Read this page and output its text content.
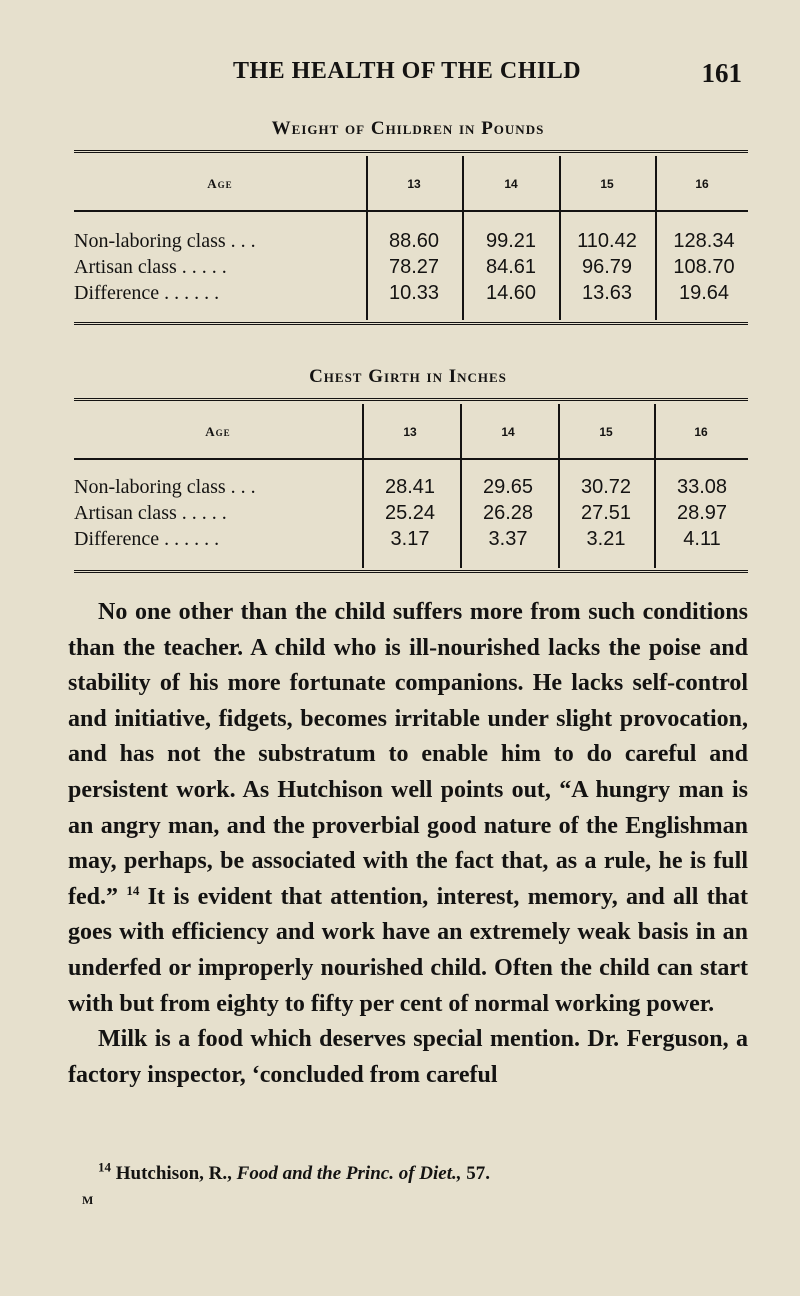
THE HEALTH OF THE CHILD	161
Weight of Children in Pounds
Age	13	14	15	16
Non-laboring class . . .	88.60	99.21	110.42	128.34
Artisan class . . . . .	78.27	84.61	96.79	108.70
Difference . . . . . .	10.33	14.60	13.63	19.64
Chest Girth in Inches
Age	13	14	15	16
Non-laboring class . . .	28.41	29.65	30.72	33.08
Artisan class . . . . .	25.24	26.28	27.51	28.97
Difference . . . . . .	3.17	3.37	3.21	4.11

No one other than the child suffers more from such conditions than the teacher. A child who is ill-nourished lacks the poise and stability of his more fortunate companions. He lacks self-control and initiative, fidgets, becomes irritable under slight provocation, and has not the substratum to enable him to do careful and persistent work. As Hutchison well points out, “A hungry man is an angry man, and the proverbial good nature of the Englishman may, perhaps, be associated with the fact that, as a rule, he is full fed.” $^{14}$ It is evident that attention, interest, memory, and all that goes with efficiency and work have an extremely weak basis in an underfed or improperly nourished child. Often the child can start with but from eighty to fifty per cent of normal working power.

Milk is a food which deserves special mention. Dr. Ferguson, a factory inspector, ‘concluded from careful

$^{14}$ Hutchison, R., Food and the Princ. of Diet., 57.
M
